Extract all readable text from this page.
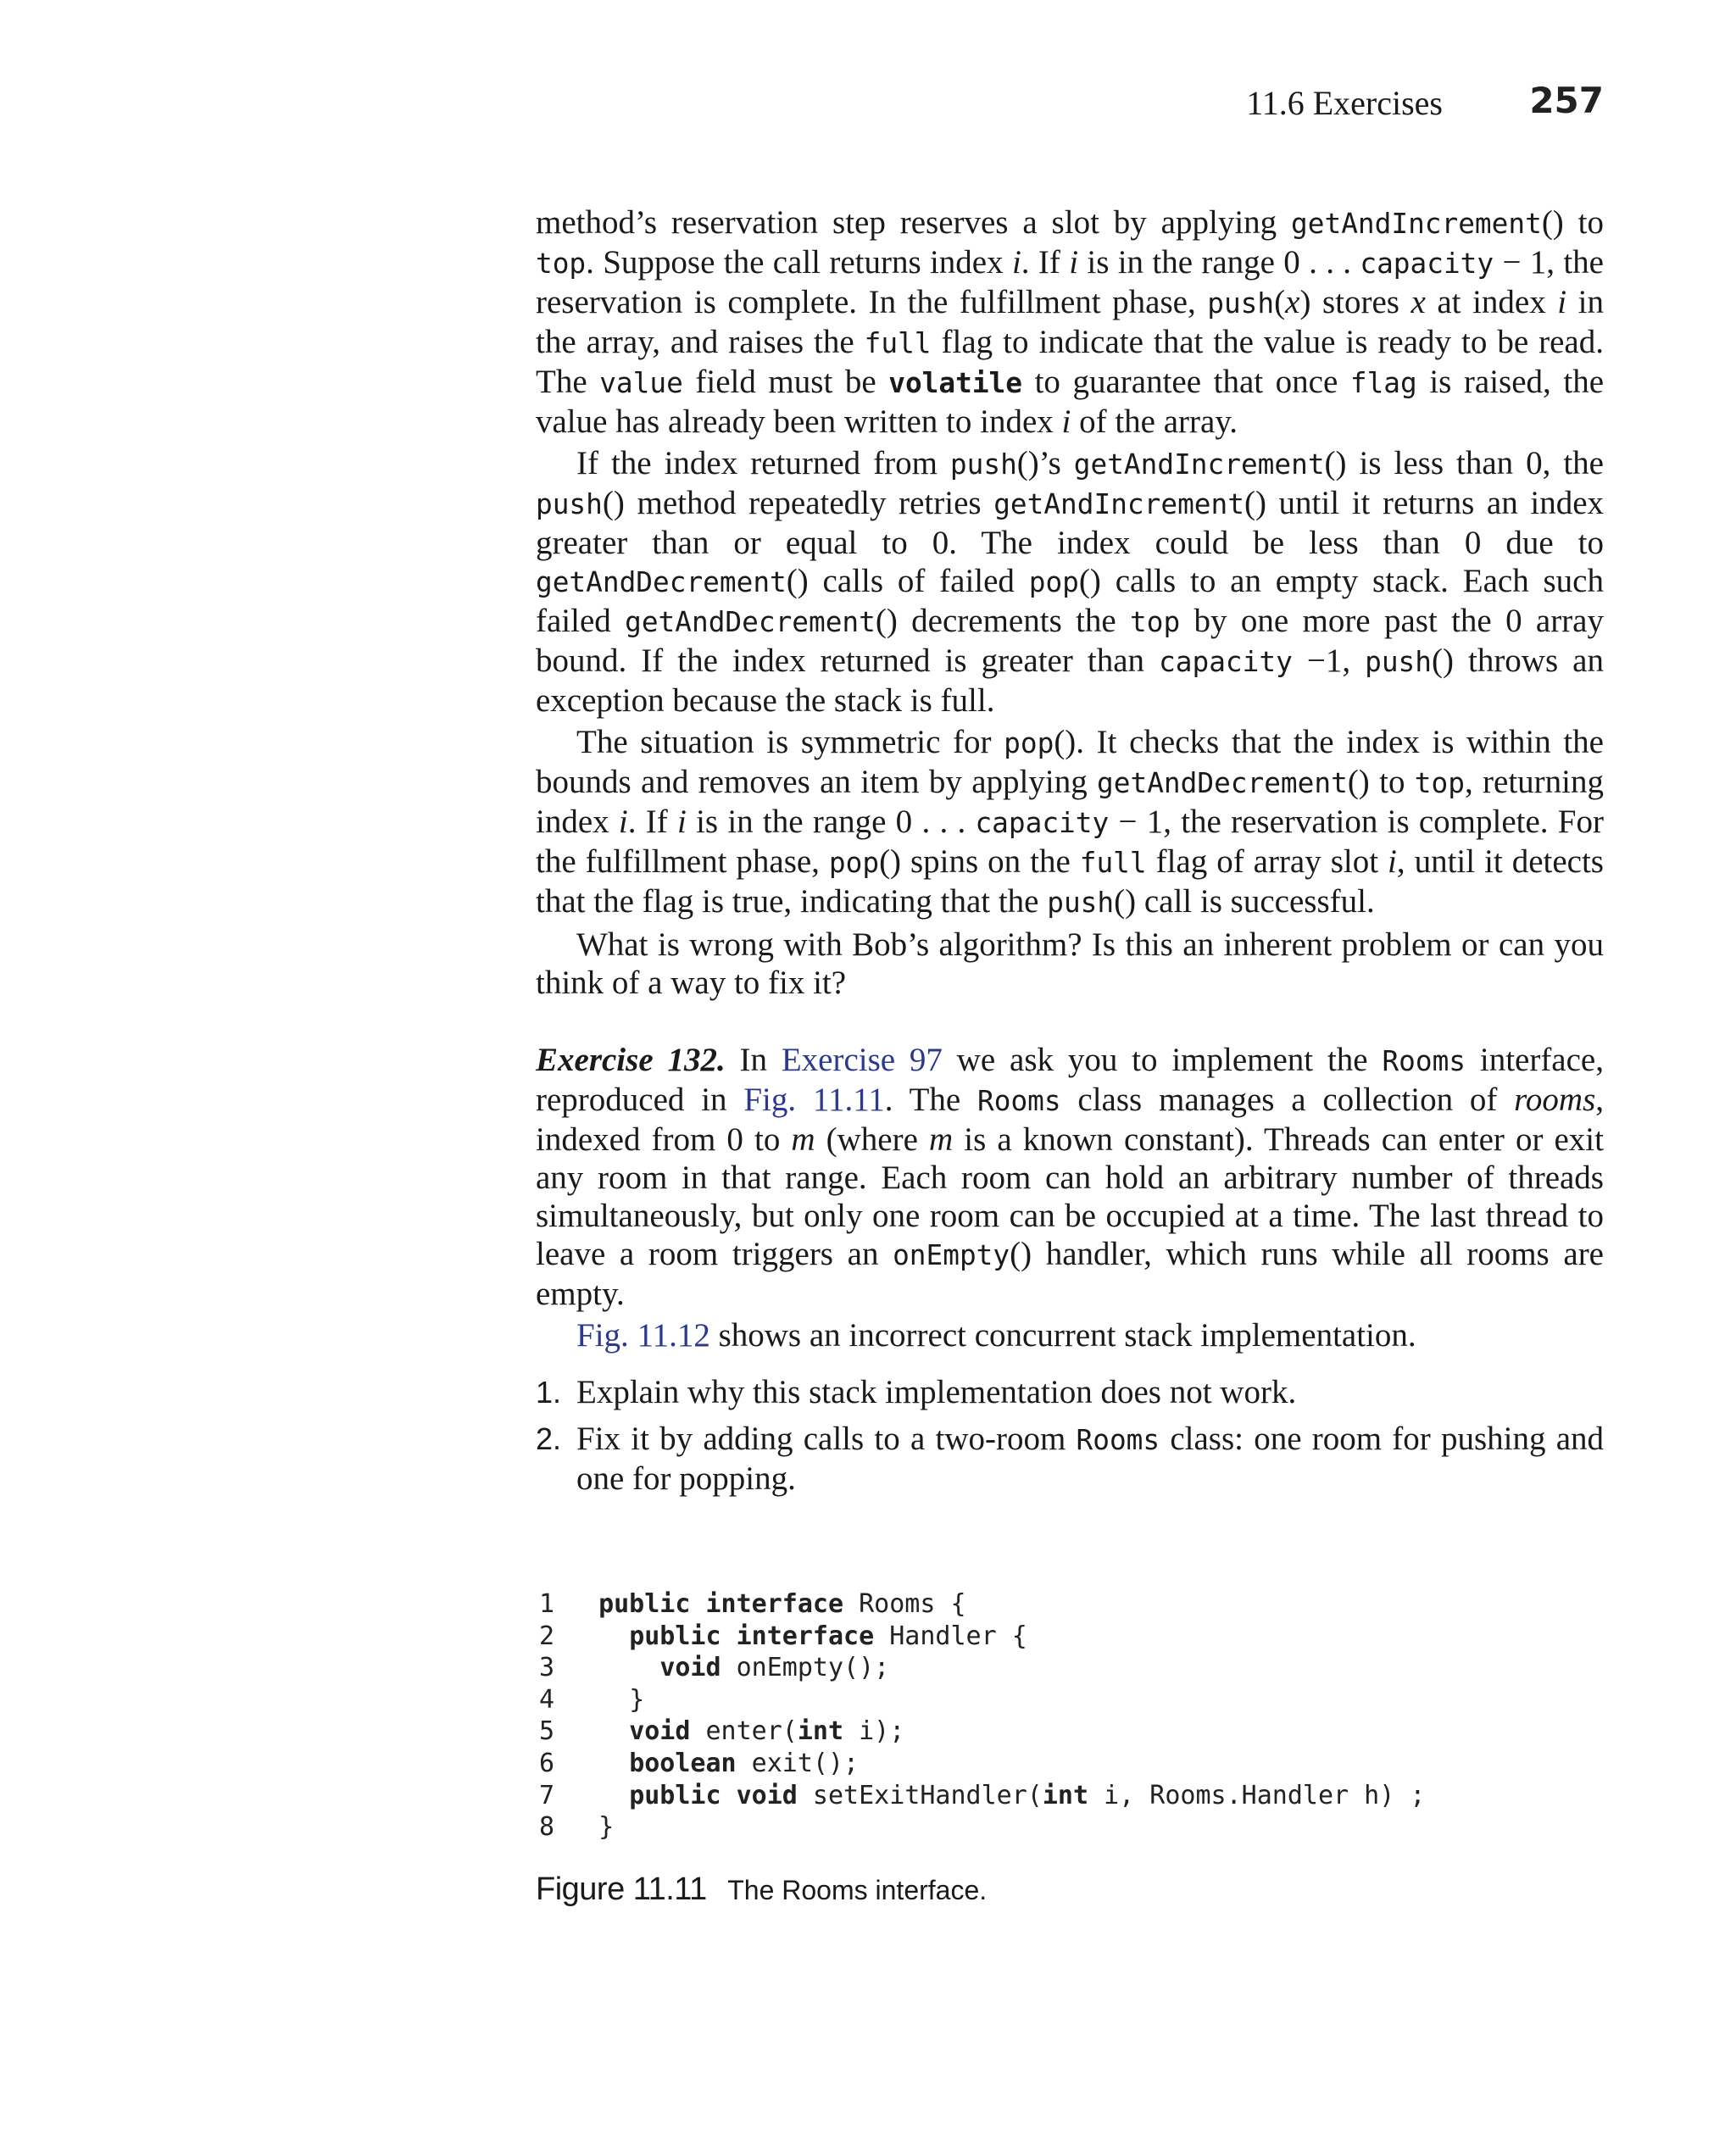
11.6 Exercises 257

method’s reservation step reserves a slot by applying getAndIncrement() to top. Suppose the call returns index i. If i is in the range 0 . . . capacity − 1, the reservation is complete. In the fulfillment phase, push(x) stores x at index i in the array, and raises the full flag to indicate that the value is ready to be read. The value field must be volatile to guarantee that once flag is raised, the value has already been written to index i of the array.

If the index returned from push()’s getAndIncrement() is less than 0, the push() method repeatedly retries getAndIncrement() until it returns an index greater than or equal to 0. The index could be less than 0 due to getAndDecrement() calls of failed pop() calls to an empty stack. Each such failed getAndDecrement() decrements the top by one more past the 0 array bound. If the index returned is greater than capacity −1, push() throws an exception because the stack is full.

The situation is symmetric for pop(). It checks that the index is within the bounds and removes an item by applying getAndDecrement() to top, returning index i. If i is in the range 0 . . . capacity − 1, the reservation is complete. For the fulfillment phase, pop() spins on the full flag of array slot i, until it detects that the flag is true, indicating that the push() call is successful.

What is wrong with Bob’s algorithm? Is this an inherent problem or can you think of a way to fix it?

Exercise 132. In Exercise 97 we ask you to implement the Rooms interface, reproduced in Fig. 11.11. The Rooms class manages a collection of rooms, indexed from 0 to m (where m is a known constant). Threads can enter or exit any room in that range. Each room can hold an arbitrary number of threads simultaneously, but only one room can be occupied at a time. The last thread to leave a room triggers an onEmpty() handler, which runs while all rooms are empty.

Fig. 11.12 shows an incorrect concurrent stack implementation.

1. Explain why this stack implementation does not work.
2. Fix it by adding calls to a two-room Rooms class: one room for pushing and one for popping.
1
	public interface Rooms {
2
	public interface Handler {
3
	void onEmpty();
4
	}
5
	void enter( int i);
6
	boolean exit();
7
	public void setExitHandler( int i, Rooms.Handler h) ;
8
	}
Figure 11.11 The Rooms interface.
